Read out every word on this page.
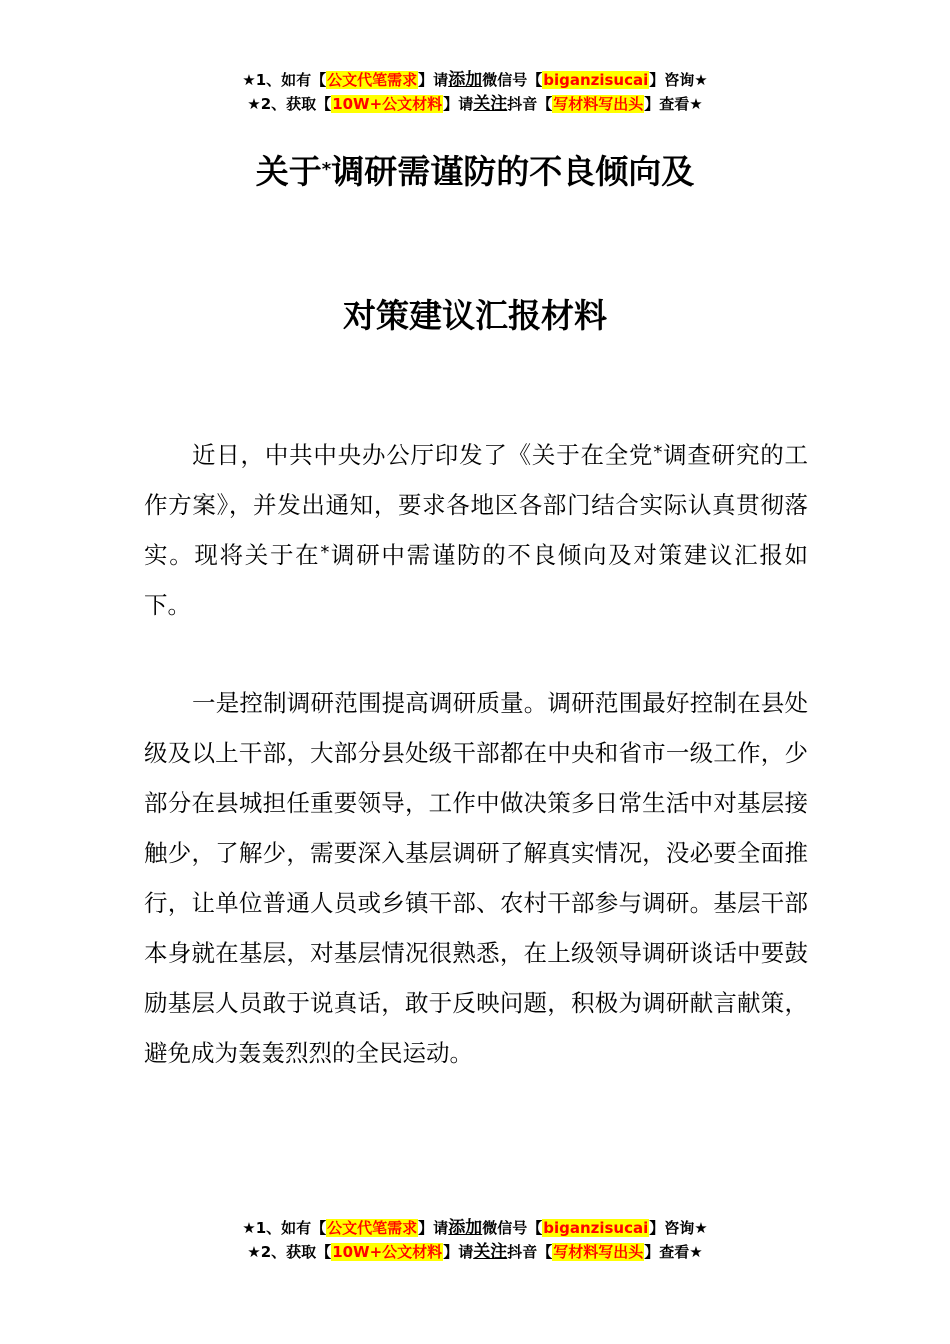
★1、如有【公文代笔需求】请添加微信号【biganzisucai】咨询★
★2、获取【10W+公文材料】请关注抖音【写材料写出头】查看★
关于*调研需谨防的不良倾向及
对策建议汇报材料

近日，中共中央办公厅印发了《关于在全党*调查研究的工作方案》，并发出通知，要求各地区各部门结合实际认真贯彻落实。现将关于在*调研中需谨防的不良倾向及对策建议汇报如下。

一是控制调研范围提高调研质量。调研范围最好控制在县处级及以上干部，大部分县处级干部都在中央和省市一级工作，少部分在县城担任重要领导，工作中做决策多日常生活中对基层接触少，了解少，需要深入基层调研了解真实情况，没必要全面推行，让单位普通人员或乡镇干部、农村干部参与调研。基层干部本身就在基层，对基层情况很熟悉，在上级领导调研谈话中要鼓励基层人员敢于说真话，敢于反映问题，积极为调研献言献策，避免成为轰轰烈烈的全民运动。

★1、如有【公文代笔需求】请添加微信号【biganzisucai】咨询★
★2、获取【10W+公文材料】请关注抖音【写材料写出头】查看★
